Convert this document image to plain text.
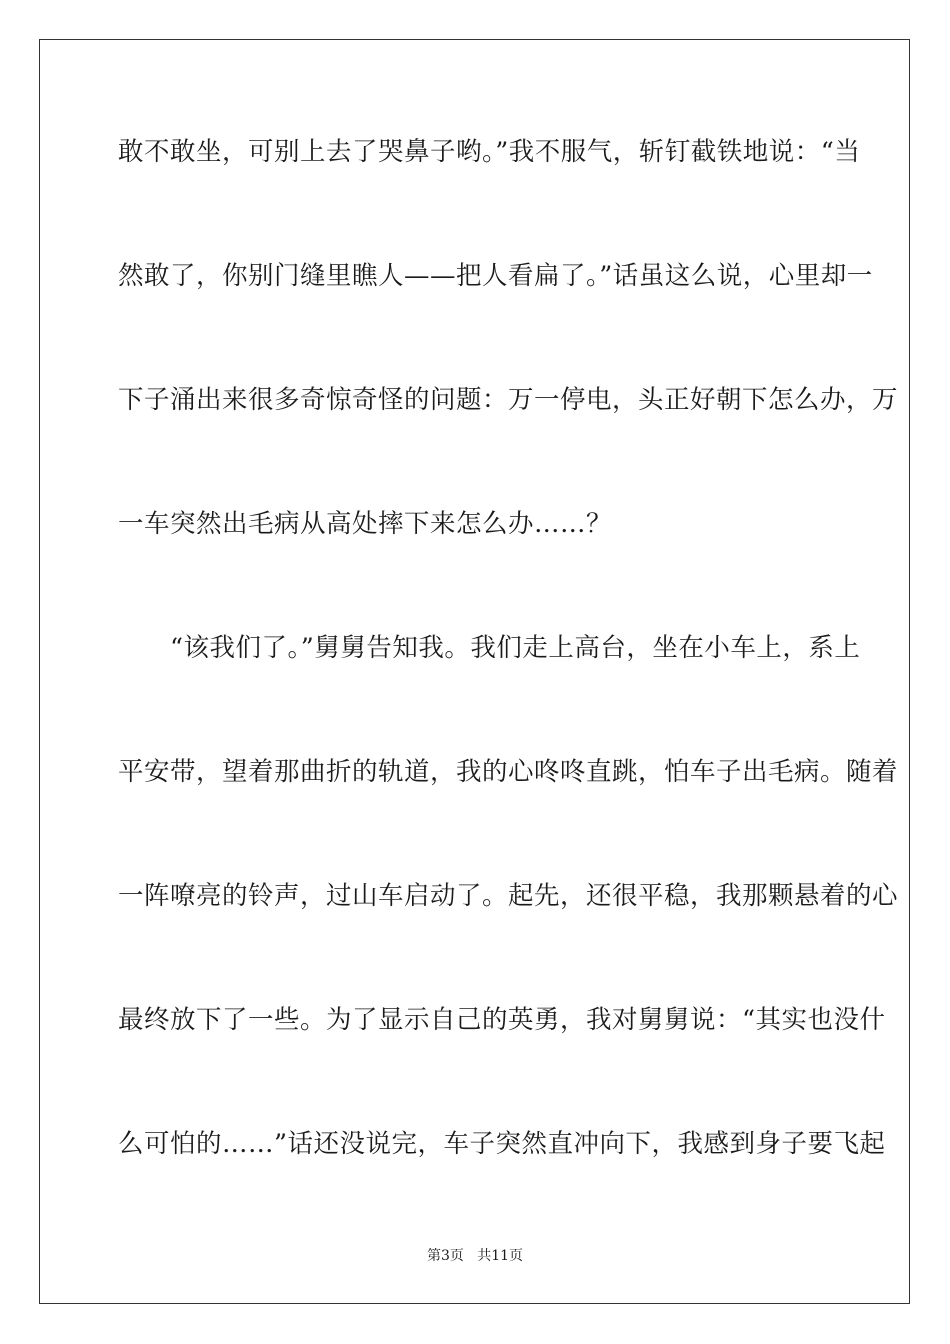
敢不敢坐，可别上去了哭鼻子哟。”我不服气，斩钉截铁地说：“当
然敢了，你别门缝里瞧人——把人看扁了。”话虽这么说，心里却一
下子涌出来很多奇惊奇怪的问题：万一停电，头正好朝下怎么办，万
一车突然出毛病从高处摔下来怎么办……？
　　“该我们了。”舅舅告知我。我们走上高台，坐在小车上，系上
平安带，望着那曲折的轨道，我的心咚咚直跳，怕车子出毛病。随着
一阵嘹亮的铃声，过山车启动了。起先，还很平稳，我那颗悬着的心
最终放下了一些。为了显示自己的英勇，我对舅舅说：“其实也没什
么可怕的……”话还没说完，车子突然直冲向下，我感到身子要飞起
第3页   共11页
